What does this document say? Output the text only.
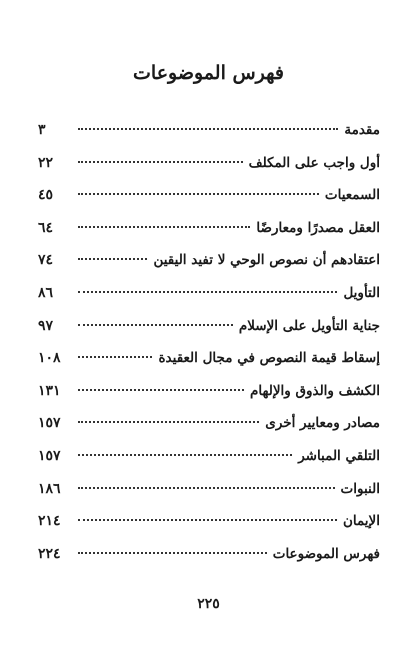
فهرس الموضوعات
مقدمة
٣
أول واجب على المكلف
٢٢
السمعيات
٤٥
العقل مصدرًا ومعارضًا
٦٤
اعتقادهم أن نصوص الوحي لا تفيد اليقين
٧٤
التأويل
٨٦
جناية التأويل على الإسلام
٩٧
إسقاط قيمة النصوص في مجال العقيدة
١٠٨
الكشف والذوق والإلهام
١٣١
مصادر ومعايير أخرى
١٥٧
التلقي المباشر
١٥٧
النبوات
١٨٦
الإيمان
٢١٤
فهرس الموضوعات
٢٢٤
٢٢٥
